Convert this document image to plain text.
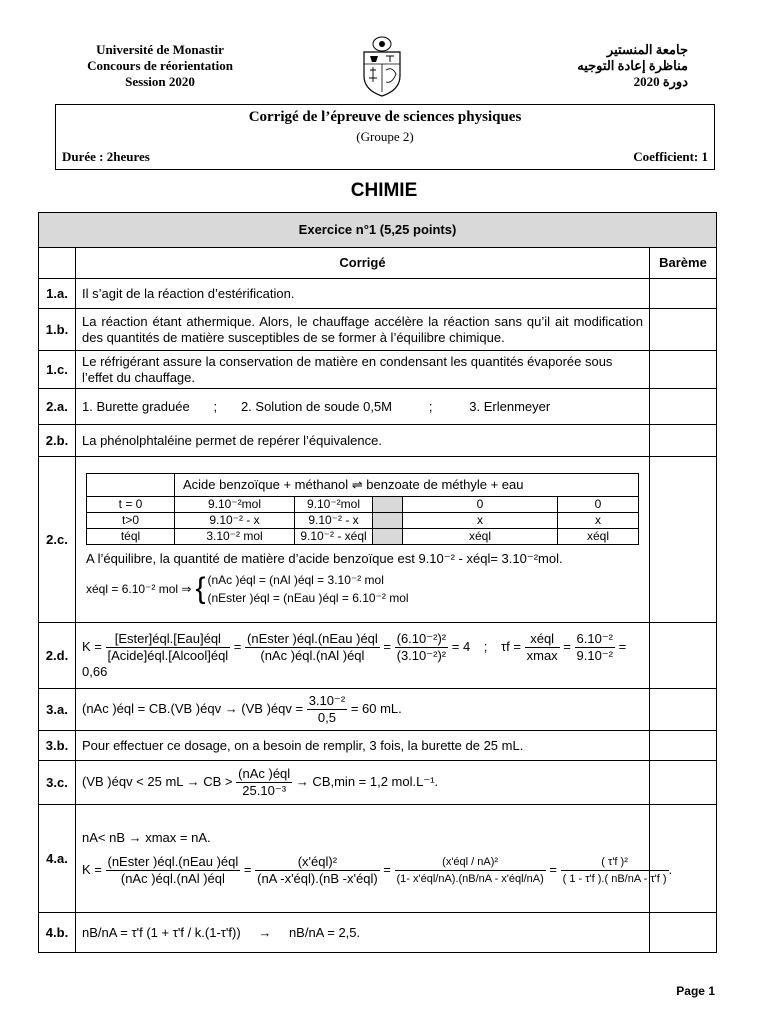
Université de Monastir
Concours de réorientation
Session 2020
جامعة المنستير
مناظرة إعادة التوجيه
دورة 2020
Corrigé de l’épreuve de sciences physiques
(Groupe 2)
Durée : 2heures	Coefficient: 1
CHIMIE
Exercice n°1 (5,25 points)
	Corrigé	Barème
1.a.	Il s’agit de la réaction d’estérification.	
1.b.	La réaction étant athermique. Alors, le chauffage accélère la réaction sans qu’il ait modification des quantités de matière susceptibles de se former à l’équilibre chimique.	
1.c.	Le réfrigérant assure la conservation de matière en condensant les quantités évaporée sous l’effet du chauffage.	
2.a.	1. Burette graduée ; 2. Solution de soude 0,5M	;	3. Erlenmeyer	
2.b.	La phénolphtaléine permet de repérer l’équivalence.	
2.c.	
	Acide benzoïque + méthanol ⇌ benzoate de méthyle + eau
t = 0	9.10⁻²mol	9.10⁻²mol		0	0
t>0	9.10⁻² - x	9.10⁻² - x		x	x
téql	3.10⁻² mol	9.10⁻² - xéql		xéql	xéql
A l’équilibre, la quantité de matière d’acide benzoïque est 9.10⁻² - xéql= 3.10⁻²mol.
xéql = 6.10⁻² mol ⇒ { (nAc )éql = (nAl )éql = 3.10⁻² mol
(nEster )éql = (nEau )éql = 6.10⁻² mol

2.d.	$K = \frac{\text{[Ester]éql.[Eau]éql}}{\text{[Acide]éql.[Alcool]éql}} = \frac{\text{(nEster )éql.(nEau )éql}}{\text{(nAc )éql.(nAl )éql}} = \frac{\text{(6.10⁻²)²}}{\text{(3.10⁻²)²}} = 4$ ; $\tau f = \frac{\text{xéql}}{xmax} = \frac{\text{6.10⁻²}}{\text{9.10⁻²}} = 0,66$	
3.a.	(nAc )éql = CB.(VB )éqv → (VB )éqv = $\frac{\text{3.10⁻²}}{0,5} = 60$ mL.	
3.b.	Pour effectuer ce dosage, on a besoin de remplir, 3 fois, la burette de 25 mL.	
3.c.	(VB )éqv < 25 mL → CB > $\frac{\text{(nAc )éql}}{\text{25.10⁻³}} \to CB,\min = 1,2$ mol.L⁻¹.	
4.a.	
nA< nB → xmax = nA.
$K = \frac{\text{(nEster )éql.(nEau )éql}}{\text{(nAc )éql.(nAl )éql}} = \frac{\text{(x'éql)²}}{\text{(nA -x'éql).(nB -x'éql)}} = \frac{\text{(x'éql / nA)²}}{\text{(1- x'éql/nA).(nB/nA - x'éql/nA)}} = \frac{\text{( τ'f )²}}{( 1 - \tau'f ).( nB/nA - \tau'f )}$ .

4.b.	nB/nA = τ'f (1 + τ'f / k.(1-τ'f)) → nB/nA = 2,5.	
Page 1
